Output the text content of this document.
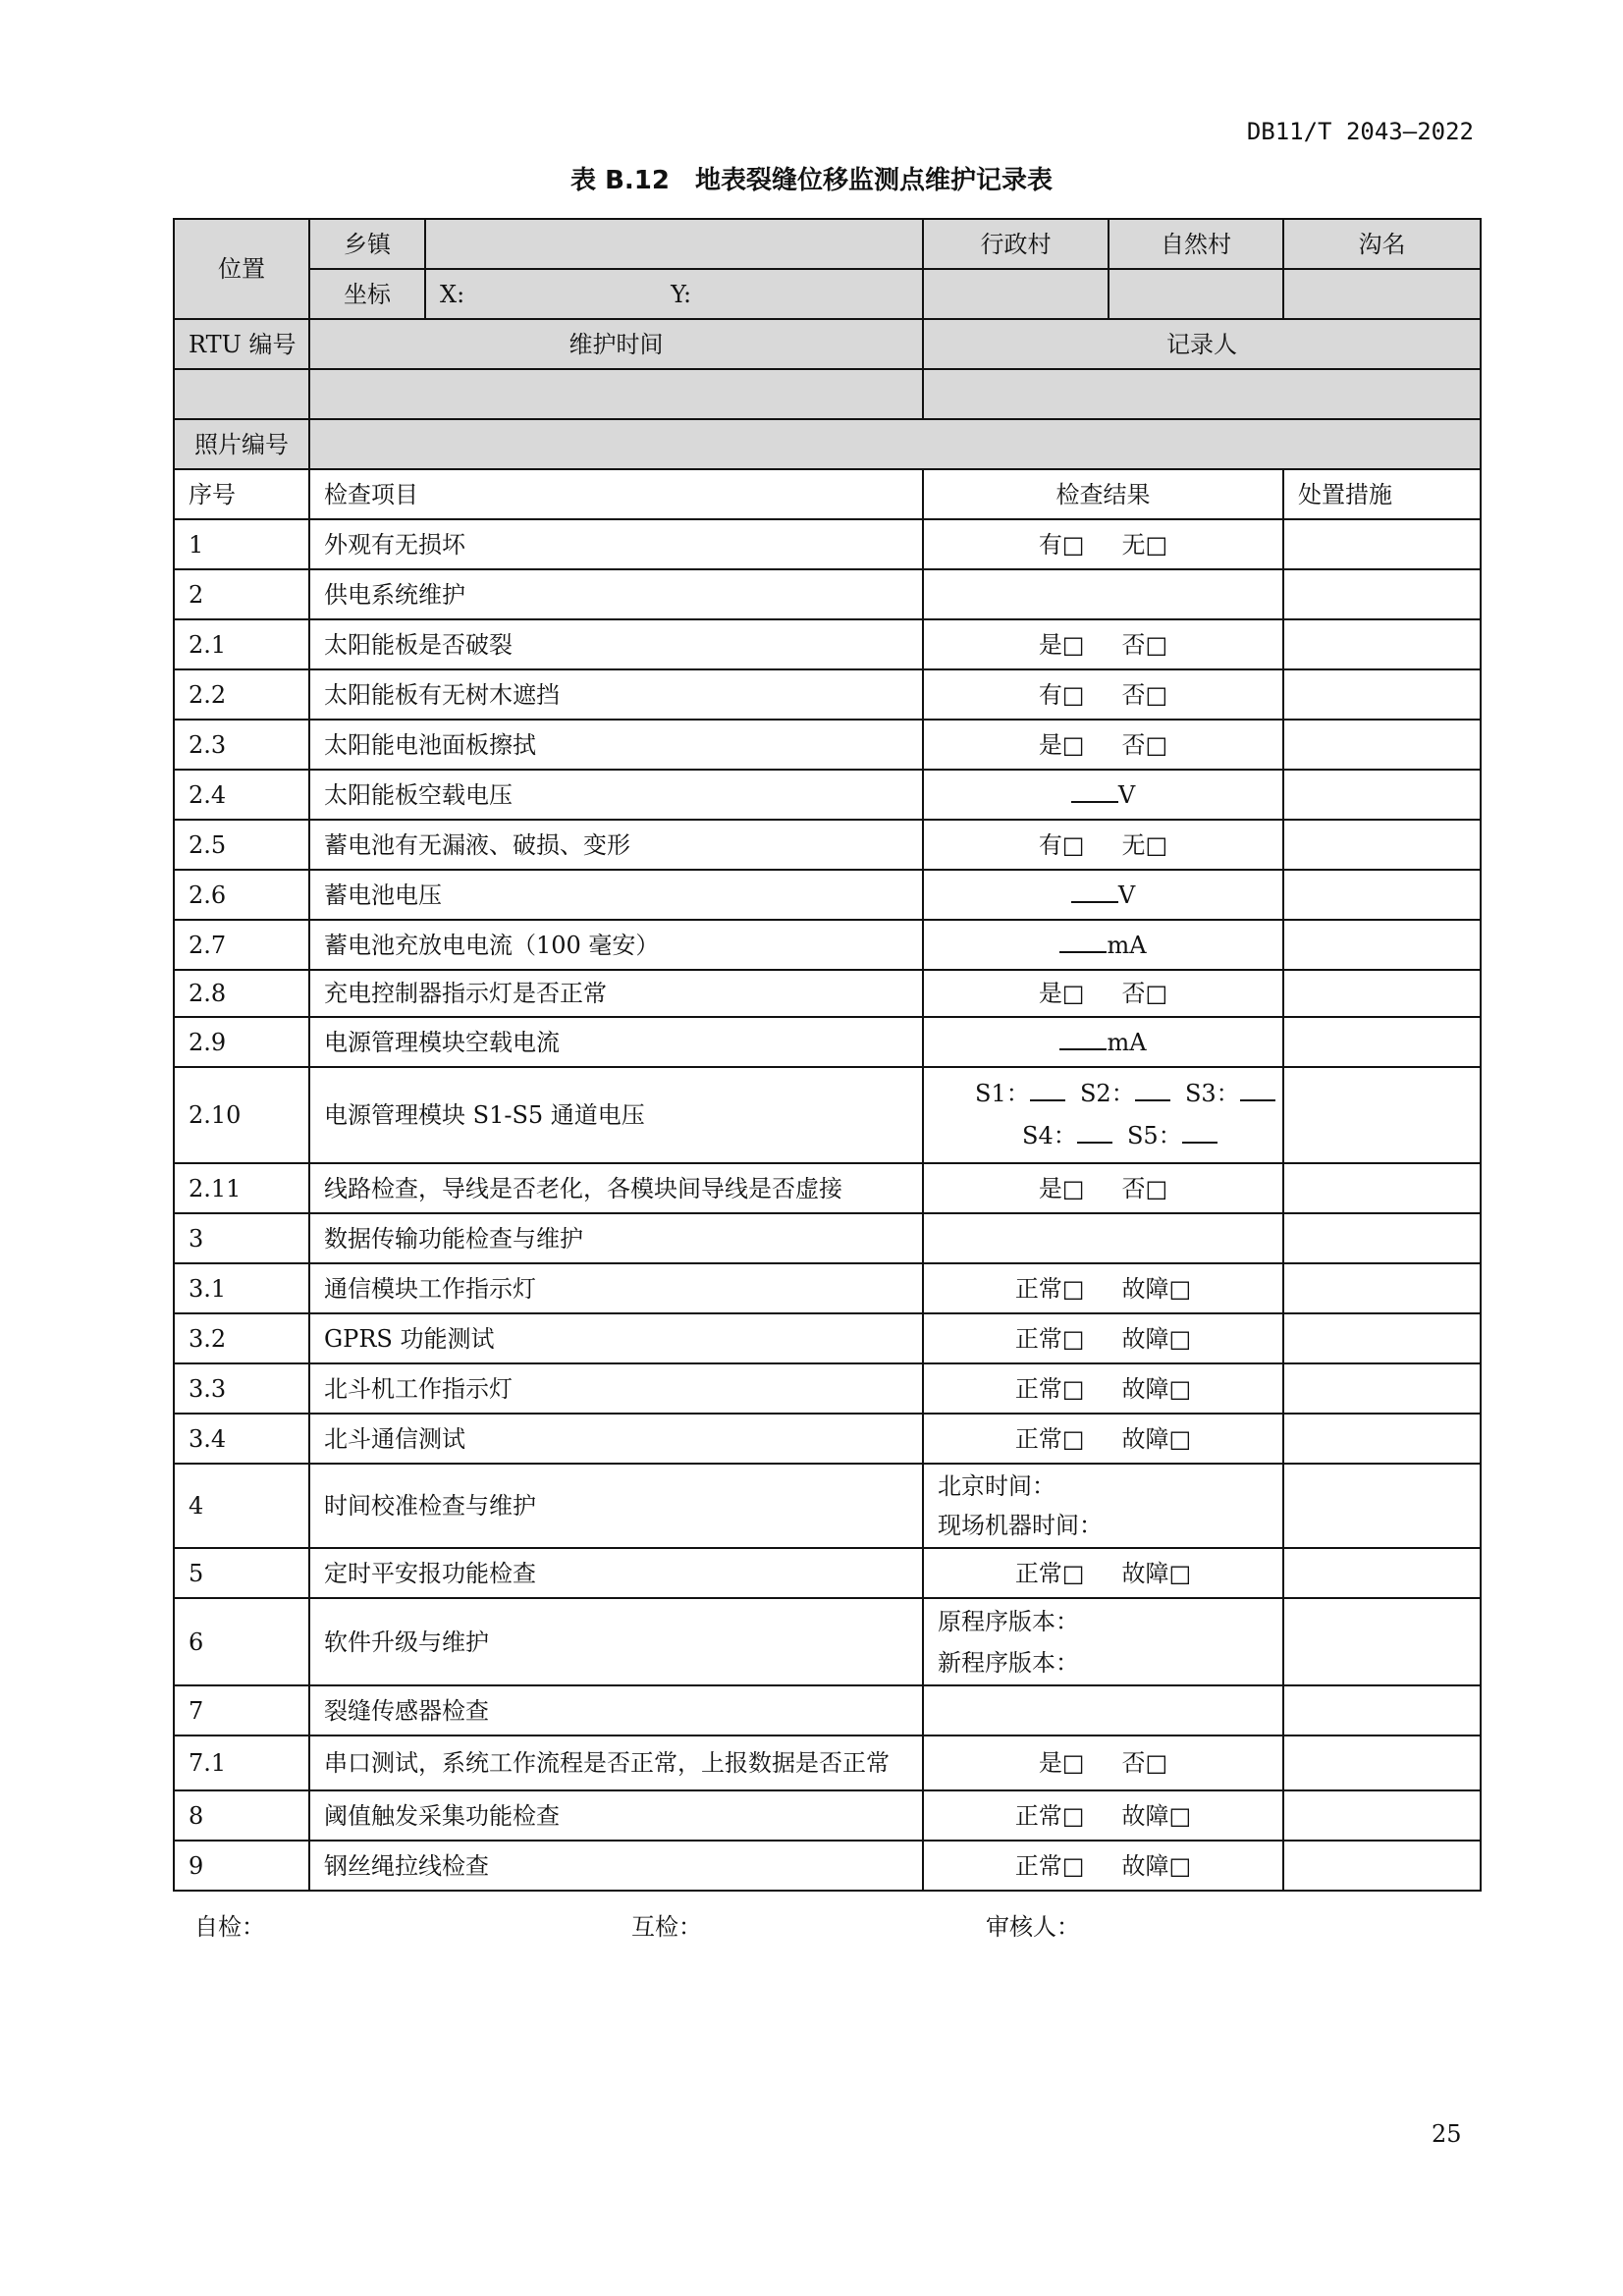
DB11/T 2043—2022
表 B.12 地表裂缝位移监测点维护记录表
位置	乡镇		行政村	自然村	沟名
	坐标	X: Y:			
RTU 编号	维护时间		记录人		

照片编号					
序号	检查项目		检查结果		处置措施
1	外观有无损坏		有□ 无□		
2	供电系统维护				
2.1	太阳能板是否破裂		是□ 否□		
2.2	太阳能板有无树木遮挡		有□ 否□		
2.3	太阳能电池面板擦拭		是□ 否□		
2.4	太阳能板空载电压		V		
2.5	蓄电池有无漏液、破损、变形		有□ 无□		
2.6	蓄电池电压		V		
2.7	蓄电池充放电电流（100 毫安）		mA		
2.8	充电控制器指示灯是否正常		是□ 否□		
2.9	电源管理模块空载电流		mA		
2.10	电源管理模块 S1-S5 通道电压		S1： S2： S3：
S4： S5：		

2.11	线路检查，导线是否老化，各模块间导线是否虚接		是□ 否□		
3	数据传输功能检查与维护				
3.1	通信模块工作指示灯		正常□ 故障□		
3.2	GPRS 功能测试		正常□ 故障□		
3.3	北斗机工作指示灯		正常□ 故障□		
3.4	北斗通信测试		正常□ 故障□		
4	时间校准检查与维护		北京时间：
现场机器时间：		

5	定时平安报功能检查		正常□ 故障□		
6	软件升级与维护		原程序版本：
新程序版本：		

7	裂缝传感器检查				
7.1	串口测试，系统工作流程是否正常，上报数据是否正常		是□ 否□		
8	阈值触发采集功能检查		正常□ 故障□		
9	钢丝绳拉线检查		正常□ 故障□		
自检：	互检：	审核人：
25
